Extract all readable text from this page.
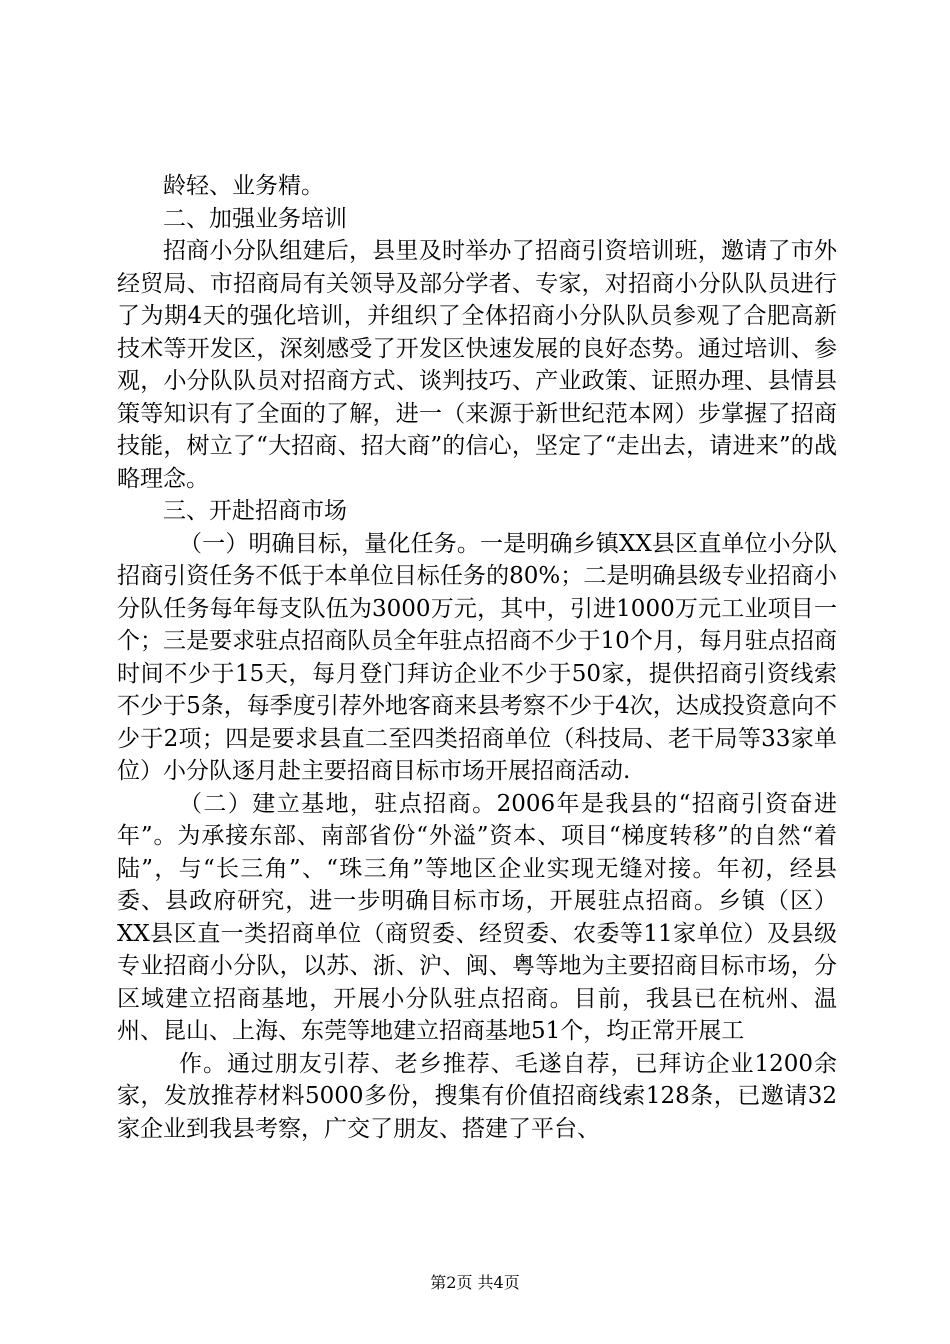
龄轻、业务精。

二、加强业务培训

招商小分队组建后，县里及时举办了招商引资培训班，邀请了市外经贸局、市招商局有关领导及部分学者、专家，对招商小分队队员进行了为期4天的强化培训，并组织了全体招商小分队队员参观了合肥高新技术等开发区，深刻感受了开发区快速发展的良好态势。通过培训、参观，小分队队员对招商方式、谈判技巧、产业政策、证照办理、县情县策等知识有了全面的了解，进一（来源于新世纪范本网）步掌握了招商技能，树立了“大招商、招大商”的信心，坚定了“走出去，请进来”的战略理念。

三、开赴招商市场

（一）明确目标，量化任务。一是明确乡镇XX县区直单位小分队招商引资任务不低于本单位目标任务的80%；二是明确县级专业招商小分队任务每年每支队伍为3000万元，其中，引进1000万元工业项目一个；三是要求驻点招商队员全年驻点招商不少于10个月，每月驻点招商时间不少于15天，每月登门拜访企业不少于50家，提供招商引资线索不少于5条，每季度引荐外地客商来县考察不少于4次，达成投资意向不少于2项；四是要求县直二至四类招商单位（科技局、老干局等33家单位）小分队逐月赴主要招商目标市场开展招商活动.

（二）建立基地，驻点招商。2006年是我县的“招商引资奋进年”。为承接东部、南部省份“外溢”资本、项目“梯度转移”的自然“着陆”，与“长三角”、“珠三角”等地区企业实现无缝对接。年初，经县委、县政府研究，进一步明确目标市场，开展驻点招商。乡镇（区）XX县区直一类招商单位（商贸委、经贸委、农委等11家单位）及县级专业招商小分队，以苏、浙、沪、闽、粤等地为主要招商目标市场，分区域建立招商基地，开展小分队驻点招商。目前，我县已在杭州、温州、昆山、上海、东莞等地建立招商基地51个，均正常开展工

作。通过朋友引荐、老乡推荐、毛遂自荐，已拜访企业1200余家，发放推荐材料5000多份，搜集有价值招商线索128条，已邀请32家企业到我县考察，广交了朋友、搭建了平台、

第2页 共4页
